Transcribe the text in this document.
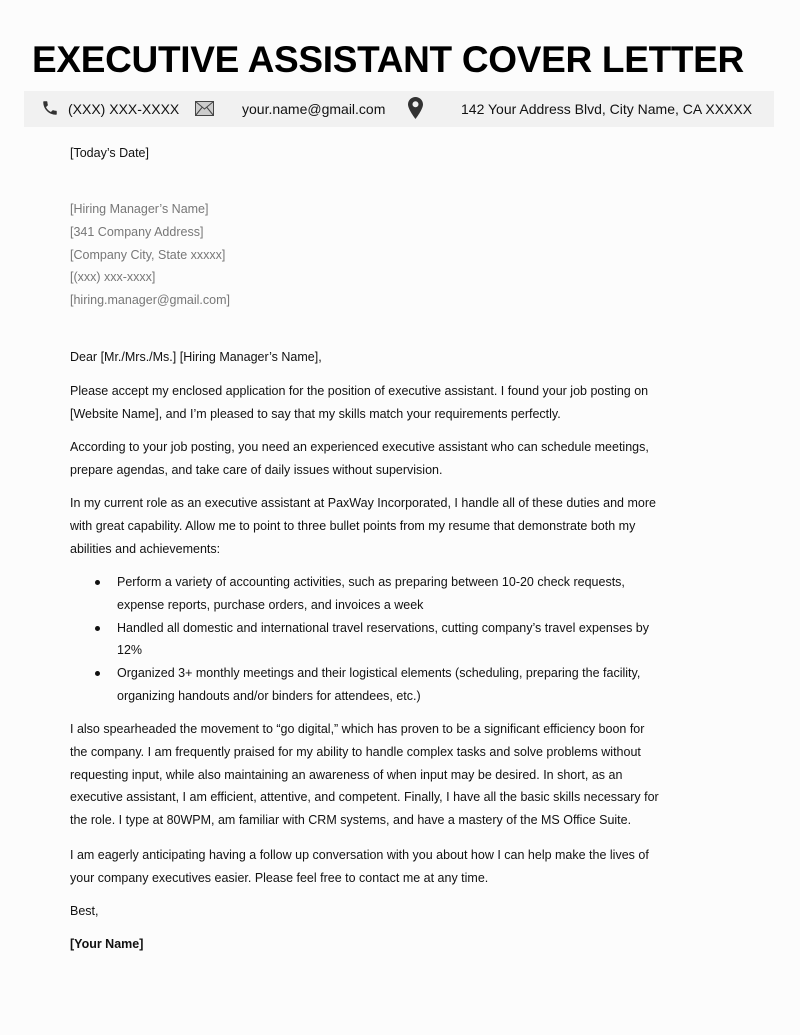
EXECUTIVE ASSISTANT COVER LETTER
(XXX) XXX-XXXX	your.name@gmail.com	142 Your Address Blvd, City Name, CA XXXXX
[Today’s Date]
[Hiring Manager’s Name]
[341 Company Address]
[Company City, State xxxxx]
[(xxx) xxx-xxxx]
[hiring.manager@gmail.com]
Dear [Mr./Mrs./Ms.] [Hiring Manager’s Name],
Please accept my enclosed application for the position of executive assistant. I found your job posting on
[Website Name], and I’m pleased to say that my skills match your requirements perfectly.
According to your job posting, you need an experienced executive assistant who can schedule meetings,
prepare agendas, and take care of daily issues without supervision.
In my current role as an executive assistant at PaxWay Incorporated, I handle all of these duties and more
with great capability. Allow me to point to three bullet points from my resume that demonstrate both my
abilities and achievements:
Perform a variety of accounting activities, such as preparing between 10-20 check requests,
expense reports, purchase orders, and invoices a week
Handled all domestic and international travel reservations, cutting company’s travel expenses by
12%
Organized 3+ monthly meetings and their logistical elements (scheduling, preparing the facility,
organizing handouts and/or binders for attendees, etc.)
I also spearheaded the movement to “go digital,” which has proven to be a significant efficiency boon for
the company. I am frequently praised for my ability to handle complex tasks and solve problems without
requesting input, while also maintaining an awareness of when input may be desired. In short, as an
executive assistant, I am efficient, attentive, and competent. Finally, I have all the basic skills necessary for
the role. I type at 80WPM, am familiar with CRM systems, and have a mastery of the MS Office Suite.
I am eagerly anticipating having a follow up conversation with you about how I can help make the lives of
your company executives easier. Please feel free to contact me at any time.
Best,
[Your Name]
